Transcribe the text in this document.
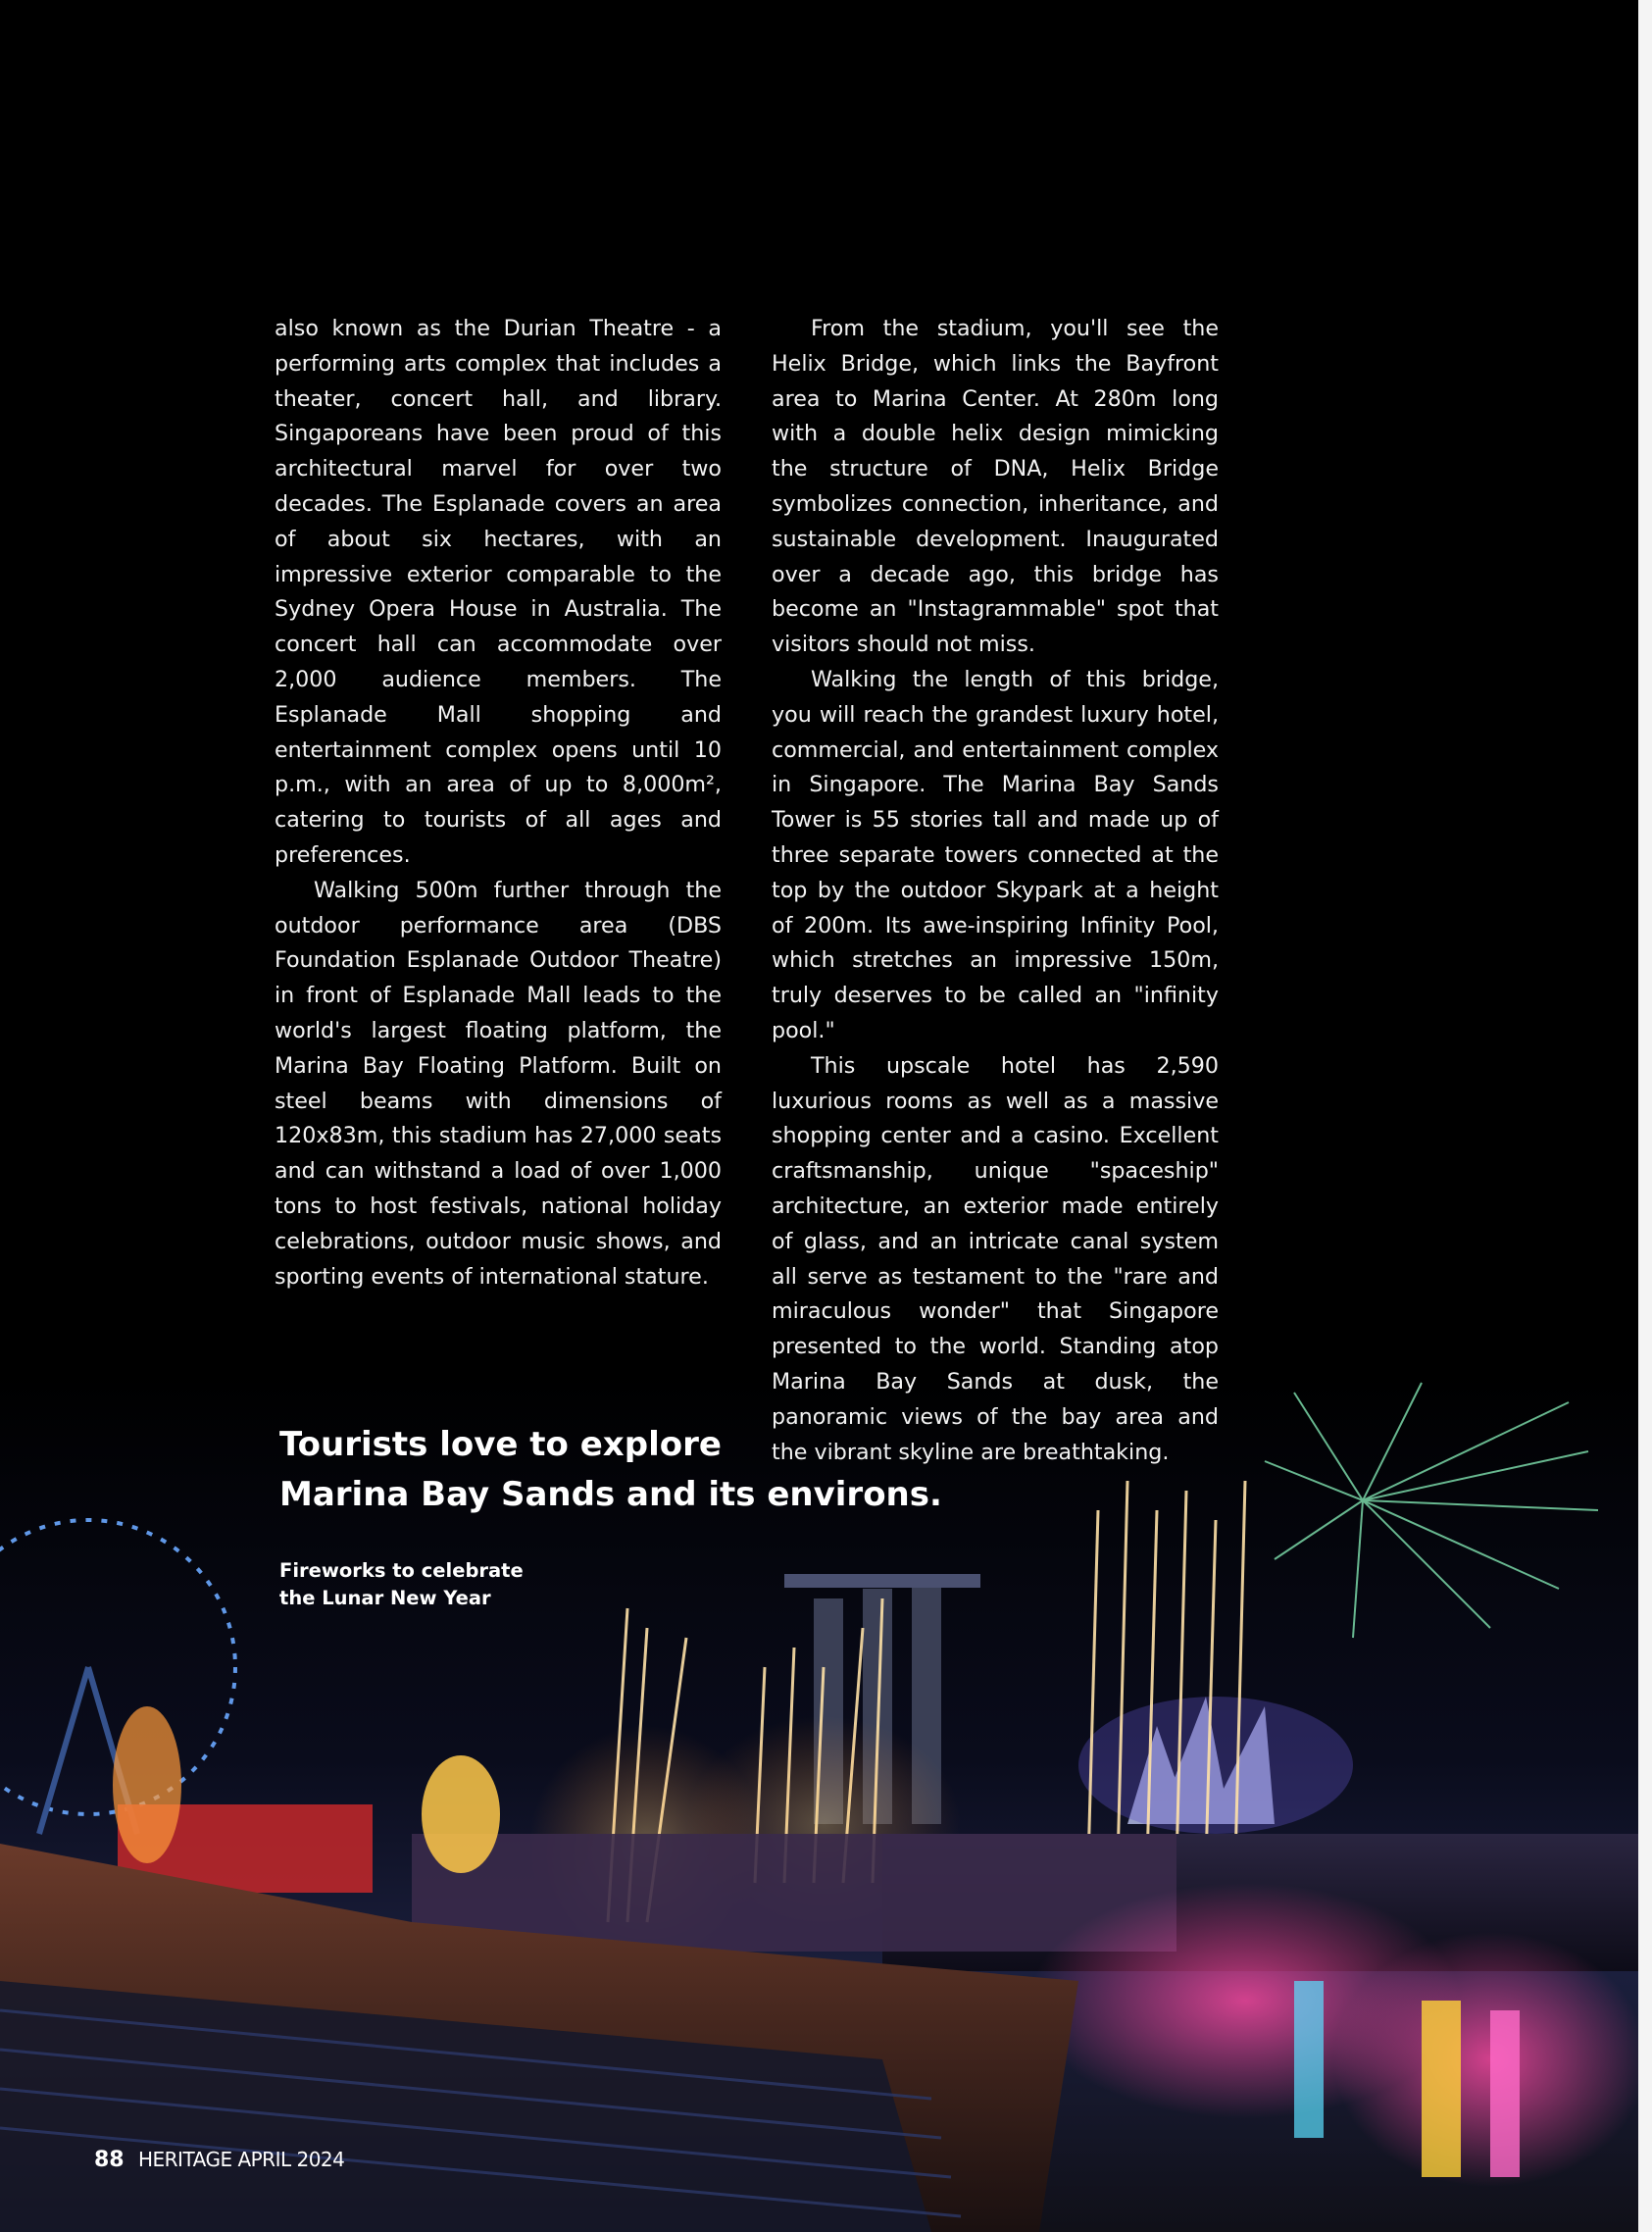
also known as the Durian Theatre - a performing arts complex that includes a theater, concert hall, and library. Singaporeans have been proud of this architectural marvel for over two decades. The Esplanade covers an area of about six hectares, with an impressive exterior comparable to the Sydney Opera House in Australia. The concert hall can accommodate over 2,000 audience members. The Esplanade Mall shopping and entertainment complex opens until 10 p.m., with an area of up to 8,000m², catering to tourists of all ages and preferences.

Walking 500m further through the outdoor performance area (DBS Foundation Esplanade Outdoor Theatre) in front of Esplanade Mall leads to the world's largest floating platform, the Marina Bay Floating Platform. Built on steel beams with dimensions of 120x83m, this stadium has 27,000 seats and can withstand a load of over 1,000 tons to host festivals, national holiday celebrations, outdoor music shows, and sporting events of international stature.

From the stadium, you'll see the Helix Bridge, which links the Bayfront area to Marina Center. At 280m long with a double helix design mimicking the structure of DNA, Helix Bridge symbolizes connection, inheritance, and sustainable development. Inaugurated over a decade ago, this bridge has become an "Instagrammable" spot that visitors should not miss.

Walking the length of this bridge, you will reach the grandest luxury hotel, commercial, and entertainment complex in Singapore. The Marina Bay Sands Tower is 55 stories tall and made up of three separate towers connected at the top by the outdoor Skypark at a height of 200m. Its awe-inspiring Infinity Pool, which stretches an impressive 150m, truly deserves to be called an "infinity pool."

This upscale hotel has 2,590 luxurious rooms as well as a massive shopping center and a casino. Excellent craftsmanship, unique "spaceship" architecture, an exterior made entirely of glass, and an intricate canal system all serve as testament to the "rare and miraculous wonder" that Singapore presented to the world. Standing atop Marina Bay Sands at dusk, the panoramic views of the bay area and the vibrant skyline are breathtaking.

Tourists love to explore
Marina Bay Sands and its environs.
Fireworks to celebrate
the Lunar New Year
88 HERITAGE APRIL 2024
